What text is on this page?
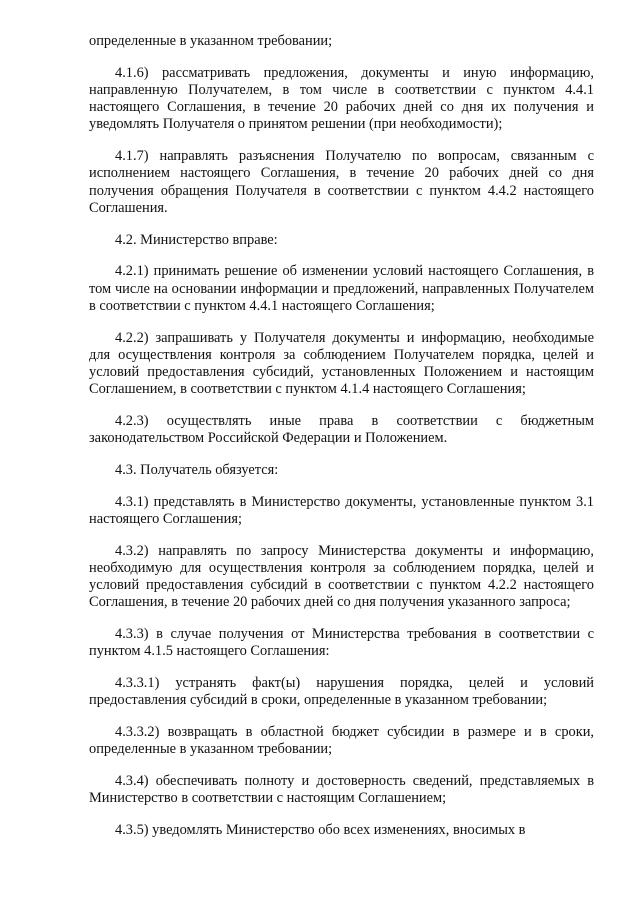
определенные в указанном требовании;

4.1.6) рассматривать предложения, документы и иную информацию, направленную Получателем, в том числе в соответствии с пунктом 4.4.1 настоящего Соглашения, в течение 20 рабочих дней со дня их получения и уведомлять Получателя о принятом решении (при необходимости);

4.1.7) направлять разъяснения Получателю по вопросам, связанным с исполнением настоящего Соглашения, в течение 20 рабочих дней со дня получения обращения Получателя в соответствии с пунктом 4.4.2 настоящего Соглашения.

4.2. Министерство вправе:

4.2.1) принимать решение об изменении условий настоящего Соглашения, в том числе на основании информации и предложений, направленных Получателем в соответствии с пунктом 4.4.1 настоящего Соглашения;

4.2.2) запрашивать у Получателя документы и информацию, необходимые для осуществления контроля за соблюдением Получателем порядка, целей и условий предоставления субсидий, установленных Положением и настоящим Соглашением, в соответствии с пунктом 4.1.4 настоящего Соглашения;

4.2.3) осуществлять иные права в соответствии с бюджетным законодательством Российской Федерации и Положением.

4.3. Получатель обязуется:

4.3.1) представлять в Министерство документы, установленные пунктом 3.1 настоящего Соглашения;

4.3.2) направлять по запросу Министерства документы и информацию, необходимую для осуществления контроля за соблюдением порядка, целей и условий предоставления субсидий в соответствии с пунктом 4.2.2 настоящего Соглашения, в течение 20 рабочих дней со дня получения указанного запроса;

4.3.3) в случае получения от Министерства требования в соответствии с пунктом 4.1.5 настоящего Соглашения:

4.3.3.1) устранять факт(ы) нарушения порядка, целей и условий предоставления субсидий в сроки, определенные в указанном требовании;

4.3.3.2) возвращать в областной бюджет субсидии в размере и в сроки, определенные в указанном требовании;

4.3.4) обеспечивать полноту и достоверность сведений, представляемых в Министерство в соответствии с настоящим Соглашением;

4.3.5) уведомлять Министерство обо всех изменениях, вносимых в
